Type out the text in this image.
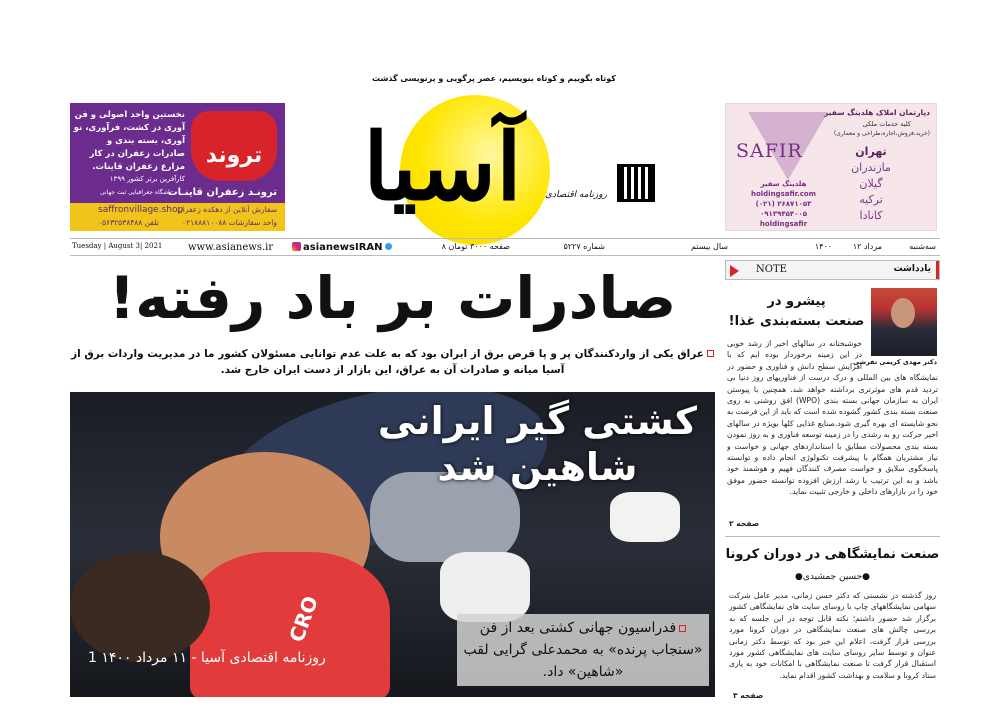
نخستین واحد اصولی و فن آوری در کشت، فرآوری، نو آوری، بسته بندی و صادرات زعفران در کار مزارع زعفران قاینات.
کارآفرین برتر کشور ۱۳۹۹
تروند
ترونـد زعفران قاینـات
باشگاه جغرافیایی ثبت جهانی
saffronvillage.shop
تلفن ۰۵۶۳۲۵۳۸۴۸۸
سفارش آنلاین از دهکده زعفران
واحد سفارشات ۰۲۱۸۸۸۱۰۰۸۸
دپارتمان املاک هلدینگ سفیر
کلیه خدمات ملکی
(خرید،فروش،اجاره،طراحی و معماری)
تهران
مازندران
گیلان
ترکیه
کانادا
SAFIR
هلدینگ سفیر
holdingsafir.com
(۰۲۱) ۲۶۸۷۱۰۵۳
۰۹۱۳۹۴۵۴۰۰۵
holdingsafir
آسیا
کوتاه بگوییم و کوتاه بنویسیم، عصر پرگویی و پرنویسی گذشت
روزنامه اقتصادی
سه‌شنبه
۱۲ مرداد
۱۴۰۰
سال بیستم
شماره ۵۲۲۷
۸ صفحه ۳۰۰۰ تومان
asianewsIRAN
www.asianews.ir
Tuesday | August 3| 2021
صادرات بر باد رفته!
عراق یکی از واردکنندگان پر و پا قرص برق از ایران بود که به علت عدم توانایی مسئولان کشور ما در مدیریت واردات برق از آسیا میانه و صادرات آن به عراق، این بازار از دست ایران خارج شد.
CRO
کشتی گیر ایرانی
شاهین شد
فدراسیون جهانی کشتی بعد از فن «سنجاب پرنده» به محمدعلی گرایی لقب «شاهین» داد.
روزنامه اقتصادی آسیا - ۱۱ مرداد ۱۴۰۰ 1
NOTE	یادداشت
دکتر مهدی کریمی تفرشی
پیشرو در
صنعت بسته‌بندی غذا!
خوشبختانه در سالهای اخیر از رشد خوبی در این زمینه برخوردار بوده ایم که با افزایش سطح دانش و فناوری و حضور در نمایشگاه های بین المللی و درک درست از فناوریهای روز دنیا بی تردید قدم های موثرتری برداشته خواهد شد. همچنین با پیوستن ایران به سازمان جهانی بسته بندی (WPO) افق روشنی به روی صنعت بسته بندی کشور گشوده شده است که باید از این فرصت به نحو شایسته ای بهره گیری شود.صنایع غذایی کلها بویژه در سالهای اخیر حرکت رو به رشدی را در زمینه توسعه فناوری و به روز نمودن بسته بندی محصولات مطابق با استانداردهای جهانی و خواست و نیاز مشتریان همگام با پیشرفت تکنولوژی انجام داده و توانسته پاسخگوی سلایق و خواست مصرف کنندگان فهیم و هوشمند خود باشد و به این ترتیب با رشد ارزش افزوده توانسته حضور موفق خود را در بازارهای داخلی و خارجی تثبیت نماید.
صفحه ۲
صنعت نمایشگاهی در دوران کرونا
●حسین جمشیدی●
روز گذشته در نشستی که دکتر حسن زمانی، مدیر عامل شرکت سهامی نمایشگاههای چاپ با روسای سایت های نمایشگاهی کشور برگزار شد حضور داشتم؛ نکته قابل توجه در این جلسه که به بررسی چالش های صنعت نمایشگاهی در دوران کرونا مورد بررسی قرار گرفت، اعلام این خبر بود که توسط دکتر زمانی عنوان و توسط سایر روسای سایت های نمایشگاهی کشور مورد استقبال قرار گرفت تا صنعت نمایشگاهی با امکانات خود به یاری ستاد کرونا و سلامت و بهداشت کشور اقدام نماید.
صفحه ۳
